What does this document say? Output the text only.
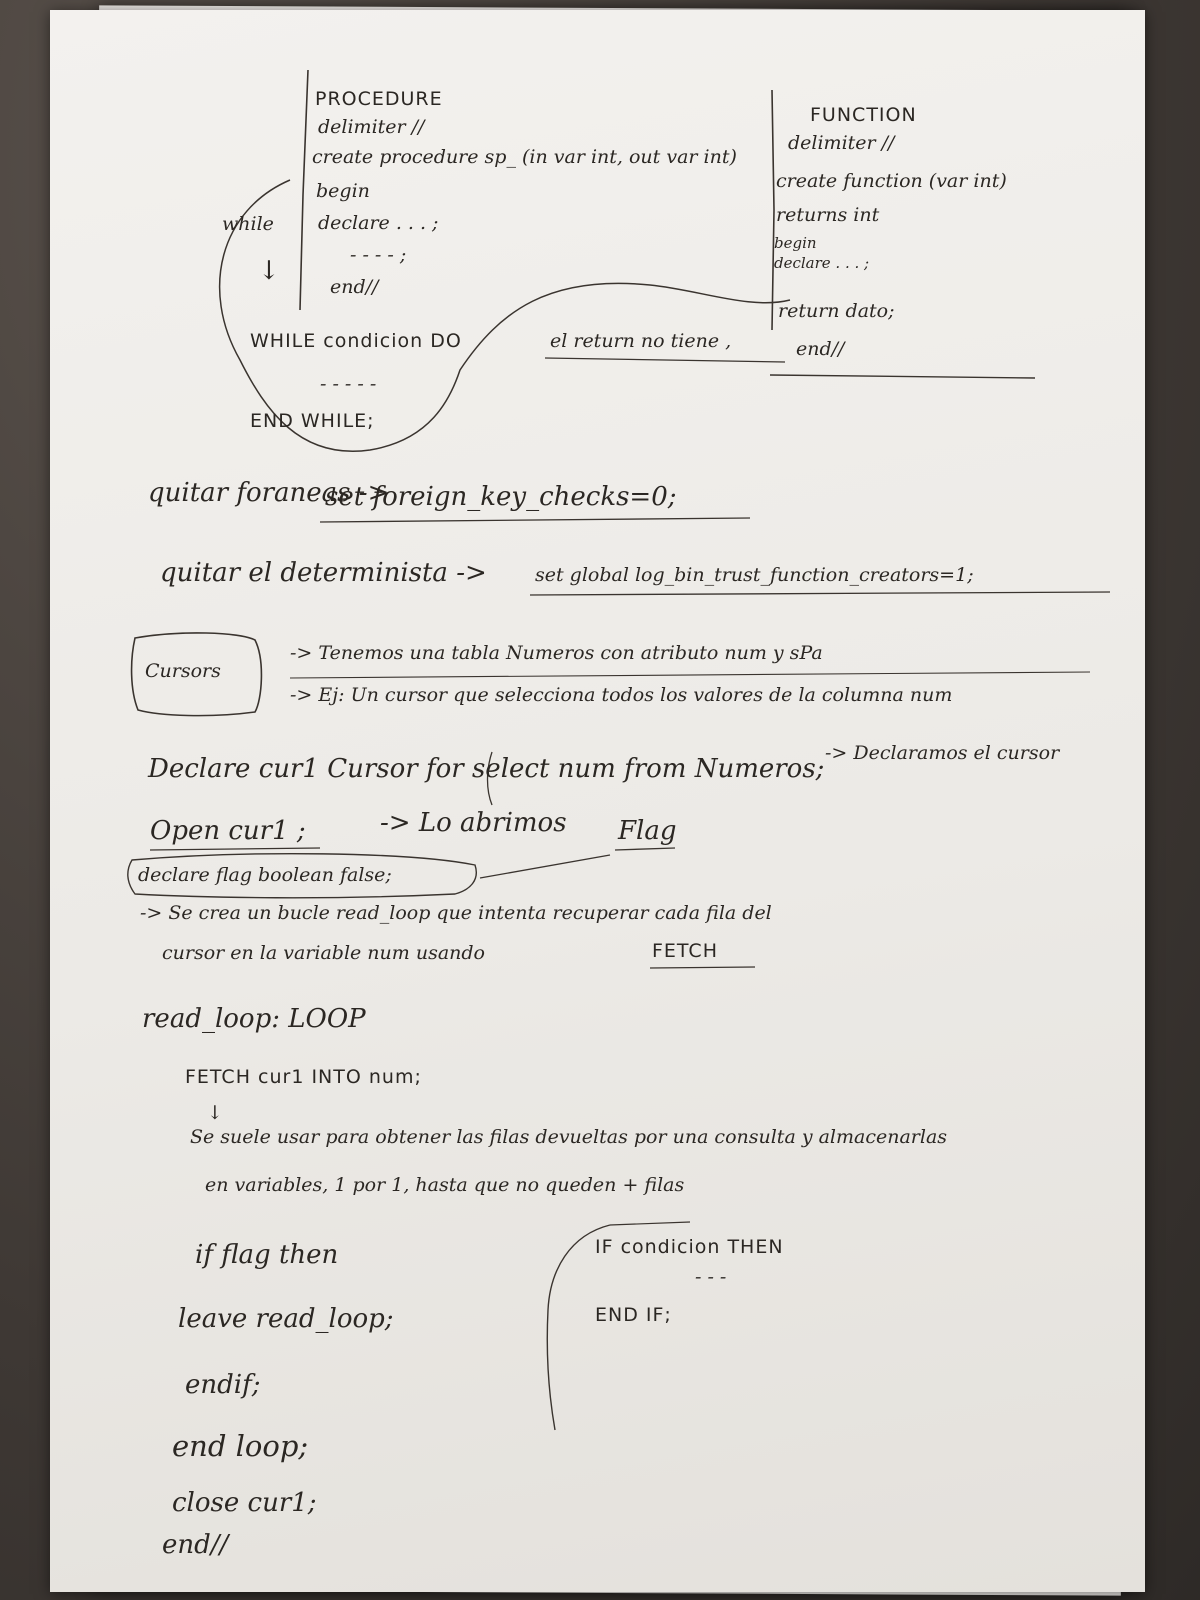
PROCEDURE
delimiter //
create procedure sp_ (in var int, out var int)
begin
declare . . . ;
- - - - ;
end//
while
↓
WHILE condicion DO
- - - - -
END WHILE;
FUNCTION
delimiter //
create function (var int)
returns int
begin
declare . . . ;
return dato;
end//
el return no tiene ,
quitar foraneas ->
set foreign_key_checks=0;
quitar el determinista ->	set global log_bin_trust_function_creators=1;
Cursors
-> Tenemos una tabla Numeros con atributo num y sPa
-> Ej: Un cursor que selecciona todos los valores de la columna num
Declare cur1 Cursor for select num from Numeros;
-> Declaramos el cursor
Open cur1 ;	-> Lo abrimos Flag
declare flag boolean false;
-> Se crea un bucle read_loop que intenta recuperar cada fila del
cursor en la variable num usando	FETCH
read_loop: LOOP
FETCH cur1 INTO num;
↓
Se suele usar para obtener las filas devueltas por una consulta y almacenarlas
en variables, 1 por 1, hasta que no queden + filas
if flag then
leave read_loop;
endif;
end loop;
close cur1;
end//
IF condicion THEN
- - -
END IF;
